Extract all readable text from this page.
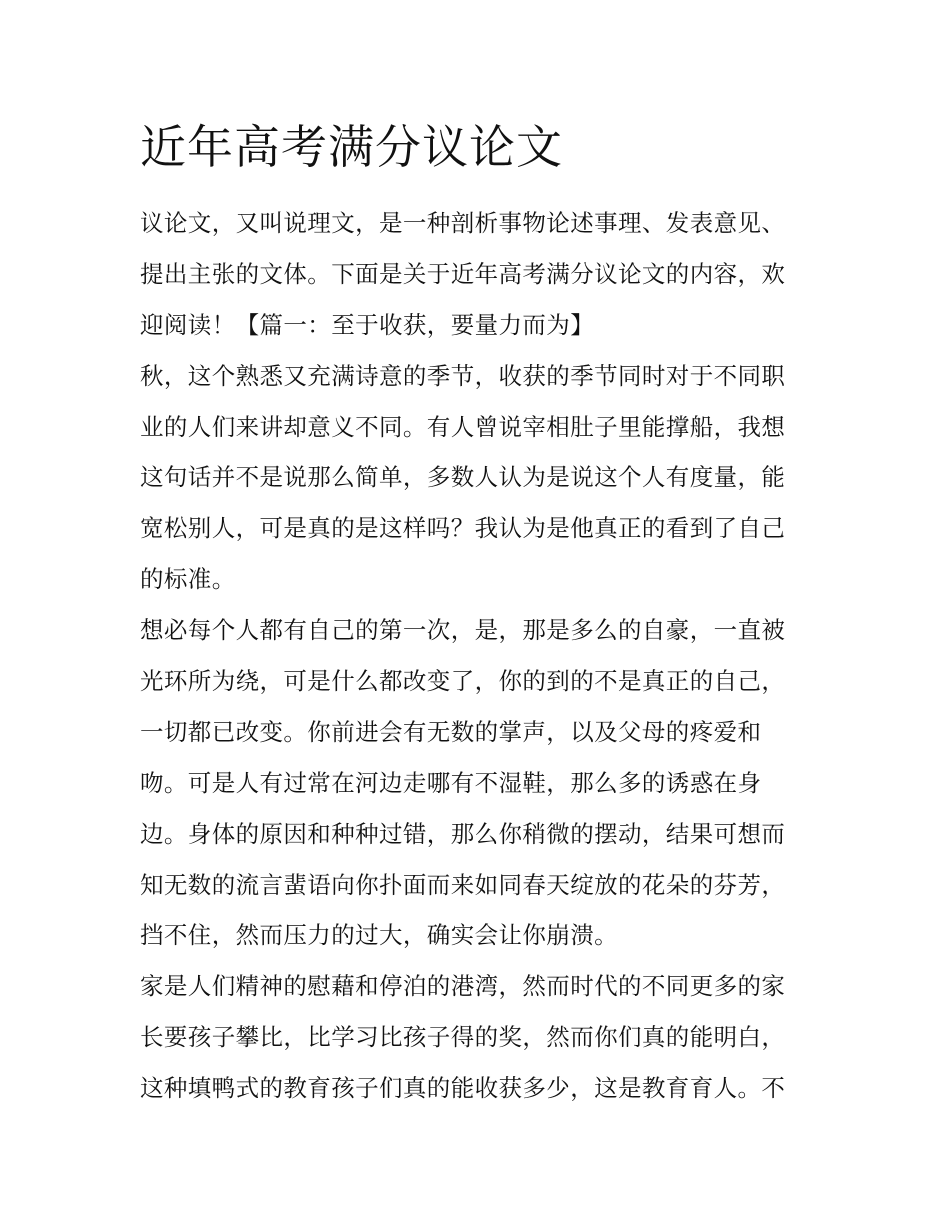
近年高考满分议论文
议论文，又叫说理文，是一种剖析事物论述事理、发表意见、
提出主张的文体。下面是关于近年高考满分议论文的内容，欢
迎阅读！【篇一：至于收获，要量力而为】
秋，这个熟悉又充满诗意的季节，收获的季节同时对于不同职
业的人们来讲却意义不同。有人曾说宰相肚子里能撑船，我想
这句话并不是说那么简单，多数人认为是说这个人有度量，能
宽松别人，可是真的是这样吗？我认为是他真正的看到了自己
的标准。
想必每个人都有自己的第一次，是，那是多么的自豪，一直被
光环所为绕，可是什么都改变了，你的到的不是真正的自己，
一切都已改变。你前进会有无数的掌声，以及父母的疼爱和
吻。可是人有过常在河边走哪有不湿鞋，那么多的诱惑在身
边。身体的原因和种种过错，那么你稍微的摆动，结果可想而
知无数的流言蜚语向你扑面而来如同春天绽放的花朵的芬芳，
挡不住，然而压力的过大，确实会让你崩溃。
家是人们精神的慰藉和停泊的港湾，然而时代的不同更多的家
长要孩子攀比，比学习比孩子得的奖，然而你们真的能明白，
这种填鸭式的教育孩子们真的能收获多少，这是教育育人。不
